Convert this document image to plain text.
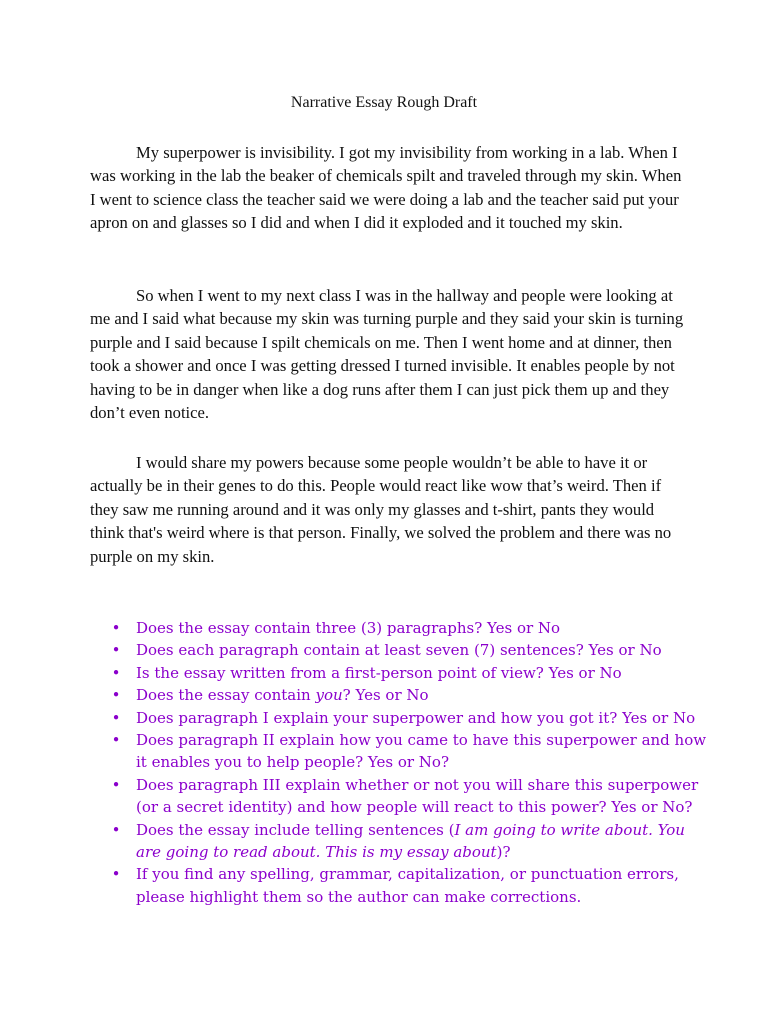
Narrative Essay Rough Draft

My superpower is invisibility. I got my invisibility from working in a lab. When I was working in the lab the beaker of chemicals spilt and traveled through my skin. When I went to science class the teacher said we were doing a lab and the teacher said put your apron on and glasses so I did and when I did it exploded and it touched my skin.

So when I went to my next class I was in the hallway and people were looking at me and I said what because my skin was turning purple and they said your skin is turning purple and I said because I spilt chemicals on me. Then I went home and at dinner, then took a shower and once I was getting dressed I turned invisible. It enables people by not having to be in danger when like a dog runs after them I can just pick them up and they don’t even notice.

I would share my powers because some people wouldn’t be able to have it or actually be in their genes to do this. People would react like wow that’s weird. Then if they saw me running around and it was only my glasses and t-shirt, pants they would think that's weird where is that person. Finally, we solved the problem and there was no purple on my skin.

• Does the essay contain three (3) paragraphs? Yes or No
• Does each paragraph contain at least seven (7) sentences? Yes or No
• Is the essay written from a first-person point of view? Yes or No
• Does the essay contain you? Yes or No
• Does paragraph I explain your superpower and how you got it? Yes or No
• Does paragraph II explain how you came to have this superpower and how it enables you to help people? Yes or No?
• Does paragraph III explain whether or not you will share this superpower (or a secret identity) and how people will react to this power? Yes or No?
• Does the essay include telling sentences (I am going to write about. You are going to read about. This is my essay about)?
• If you find any spelling, grammar, capitalization, or punctuation errors, please highlight them so the author can make corrections.
